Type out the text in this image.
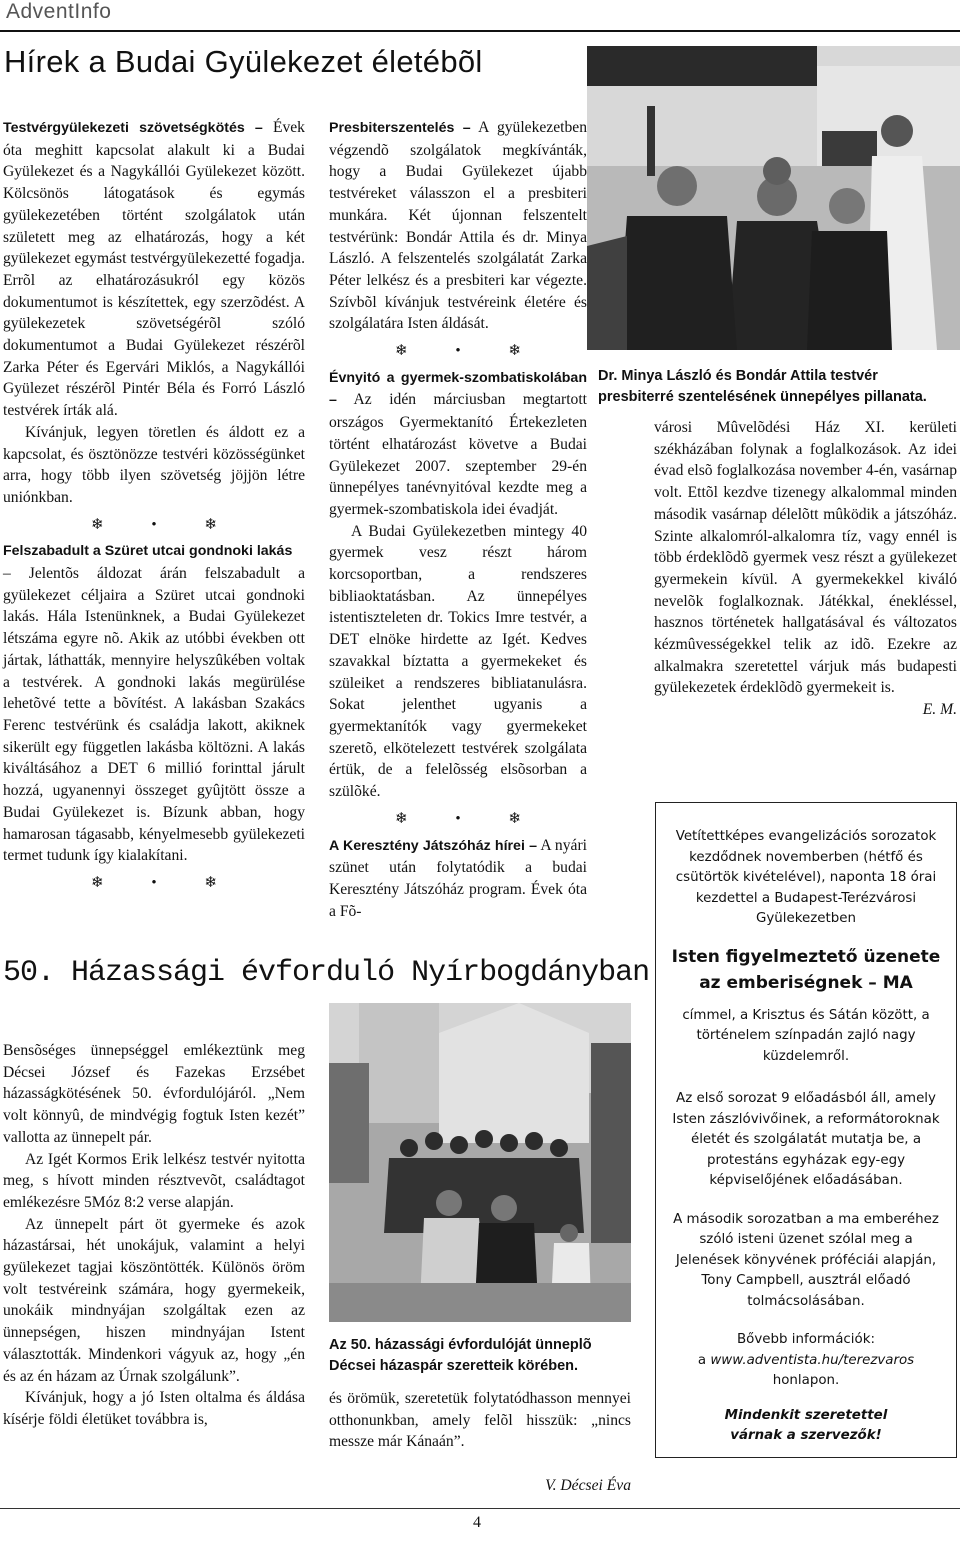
AdventInfo
Hírek a Budai Gyülekezet életébõl

Testvérgyülekezeti szövetségkötés – Évek óta meghitt kapcsolat alakult ki a Budai Gyülekezet és a Nagykállói Gyülekezet között. Kölcsönös látogatások és egymás gyülekezetében történt szolgálatok után született meg az elhatározás, hogy a két gyülekezet egymást testvérgyülekezetté fogadja. Errõl az elhatározásukról egy közös dokumentumot is készítettek, egy szerzõdést. A gyülekezetek szövetségérõl szóló dokumentumot a Budai Gyülekezet részérõl Zarka Péter és Egervári Miklós, a Nagykállói Gyülezet részérõl Pintér Béla és Forró László testvérek írták alá.

Kívánjuk, legyen töretlen és áldott ez a kapcsolat, és ösztönözze testvéri közösségünket arra, hogy több ilyen szövetség jöjjön létre uniónkban.

❄ • ❄

Felszabadult a Szüret utcai gondnoki lakás

– Jelentõs áldozat árán felszabadult a gyülekezet céljaira a Szüret utcai gondnoki lakás. Hála Istenünknek, a Budai Gyülekezet létszáma egyre nõ. Akik az utóbbi években ott jártak, láthatták, mennyire helyszûkében voltak a testvérek. A gondnoki lakás megürülése lehetõvé tette a bõvítést. A lakásban Szakács Ferenc testvérünk és családja lakott, akiknek sikerült egy független lakásba költözni. A lakás kiváltásához a DET 6 millió forinttal járult hozzá, ugyanennyi összeget gyûjtött össze a Budai Gyülekezet is. Bízunk abban, hogy hamarosan tágasabb, kényelmesebb gyülekezeti termet tudunk így kialakítani.

❄ • ❄

Presbiterszentelés – A gyülekezetben végzendõ szolgálatok megkívánták, hogy a Budai Gyülekezet újabb testvéreket válasszon el a presbiteri munkára. Két újonnan felszentelt testvérünk: Bondár Attila és dr. Minya László. A felszentelés szolgálatát Zarka Péter lelkész és a presbiteri kar végezte. Szívbõl kívánjuk testvéreink életére és szolgálatára Isten áldását.

❄ • ❄

Évnyitó a gyermek-szombatiskolában – Az idén márciusban megtartott országos Gyermektanító Értekezleten történt elhatározást követve a Budai Gyülekezet 2007. szeptember 29-én ünnepélyes tanévnyitóval kezdte meg a gyermek-szombatiskola idei évadját.

A Budai Gyülekezetben mintegy 40 gyermek vesz részt három korcsoportban, a rendszeres bibliaoktatásban. Az ünnepélyes istentiszteleten dr. Tokics Imre testvér, a DET elnöke hirdette az Igét. Kedves szavakkal bíztatta a gyermekeket és szüleiket a rendszeres bibliatanulásra. Sokat jelenthet ugyanis a gyermektanítók vagy gyermekeket szeretõ, elkötelezett testvérek szolgálata értük, de a felelõsség elsõsorban a szülõké.

❄ • ❄

A Keresztény Játszóház hírei – A nyári szünet után folytatódik a budai Keresztény Játszóház program. Évek óta a Fõ-

Dr. Minya László és Bondár Attila testvér presbiterré szentelésének ünnepélyes pillanata.

városi Mûvelõdési Ház XI. kerületi székházában folynak a foglalkozások. Az idei évad elsõ foglalkozása november 4-én, vasárnap volt. Ettõl kezdve tizenegy alkalommal minden második vasárnap délelõtt mûködik a játszóház. Szinte alkalomról-alkalomra tíz, vagy ennél is több érdeklõdõ gyermek vesz részt a gyülekezet gyermekein kívül. A gyermekekkel kiváló nevelõk foglalkoznak. Játékkal, énekléssel, hasznos történetek hallgatásával és változatos kézmûvességekkel telik az idõ. Ezekre az alkalmakra szeretettel várjuk más budapesti gyülekezetek érdeklõdõ gyermekeit is.

E. M.

Vetítettképes evangelizációs sorozatok kezdődnek novemberben (hétfő és csütörtök kivételével), naponta 18 órai kezdettel a Budapest-Terézvárosi Gyülekezetben

Isten figyelmeztető üzenete az emberiségnek – MA

címmel, a Krisztus és Sátán között, a történelem színpadán zajló nagy küzdelemről.

Az első sorozat 9 előadásból áll, amely Isten zászlóvivőinek, a reformátoroknak életét és szolgálatát mutatja be, a protestáns egyházak egy-egy képviselőjének előadásában.

A második sorozatban a ma emberéhez szóló isteni üzenet szólal meg a Jelenések könyvének próféciái alapján, Tony Campbell, ausztrál előadó tolmácsolásában.

Bővebb információk:
a www.adventista.hu/terezvaros
honlapon.

Mindenkit szeretettel várnak a szervezők!

50. Házassági évforduló Nyírbogdányban

Bensõséges ünnepséggel emlékeztünk meg Décsei József és Fazekas Erzsébet házasságkötésének 50. évfordulójáról. „Nem volt könnyû, de mindvégig fogtuk Isten kezét” vallotta az ünnepelt pár.

Az Igét Kormos Erik lelkész testvér nyitotta meg, s hívott minden résztvevõt, családtagot emlékezésre 5Móz 8:2 verse alapján.

Az ünnepelt párt öt gyermeke és azok házastársai, hét unokájuk, valamint a helyi gyülekezet tagjai köszöntötték. Különös öröm volt testvéreink számára, hogy gyermekeik, unokáik mindnyájan szolgáltak ezen az ünnepségen, hiszen mindnyájan Istent választották. Mindenkori vágyuk az, hogy „én és az én házam az Úrnak szolgálunk”.

Kívánjuk, hogy a jó Isten oltalma és áldása kísérje földi életüket továbbra is,

Az 50. házassági évfordulóját ünneplõ Décsei házaspár szeretteik körében.

és örömük, szeretetük folytatódhasson mennyei otthonunkban, amely felõl hisszük: „nincs messze már Kánaán”.

V. Décsei Éva

4
